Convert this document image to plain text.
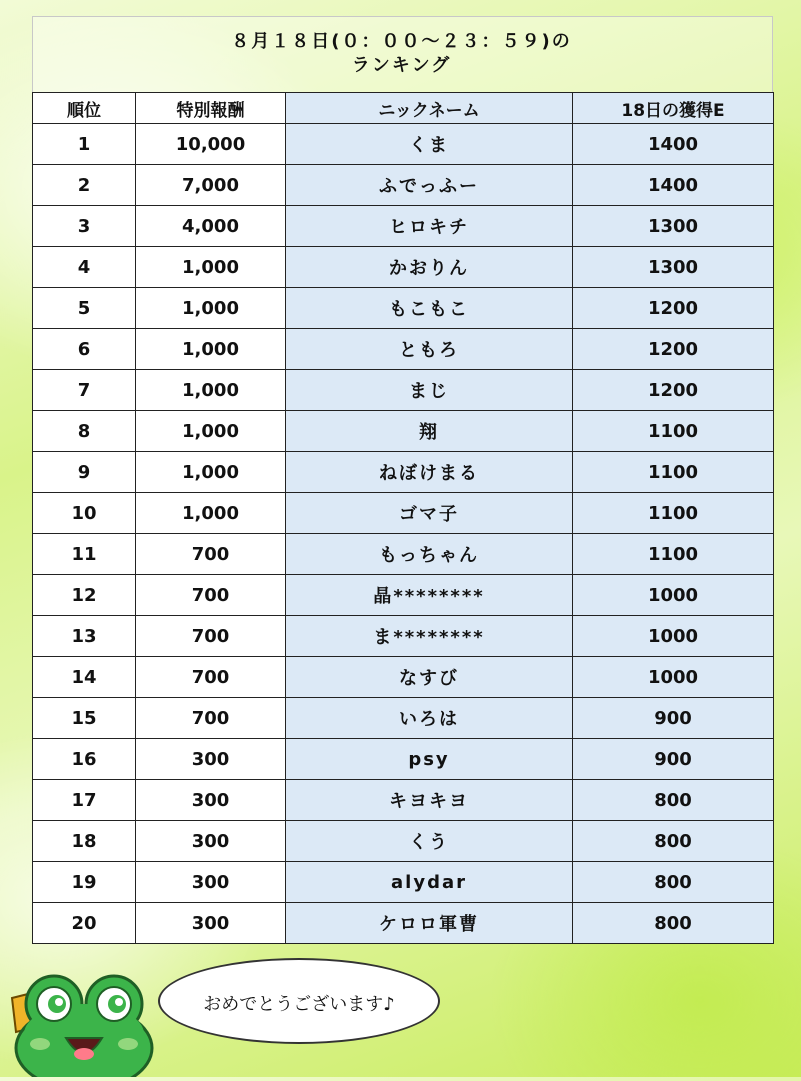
８月１８日(０：００～２３：５９)の
ランキング
順位	特別報酬	ニックネーム	18日の獲得E
1	10,000	くま	1400
2	7,000	ふでっふー	1400
3	4,000	ヒロキチ	1300
4	1,000	かおりん	1300
5	1,000	もこもこ	1200
6	1,000	ともろ	1200
7	1,000	まじ	1200
8	1,000	翔	1100
9	1,000	ねぼけまる	1100
10	1,000	ゴマ子	1100
11	700	もっちゃん	1100
12	700	晶********	1000
13	700	ま********	1000
14	700	なすび	1000
15	700	いろは	900
16	300	psy	900
17	300	キヨキヨ	800
18	300	くう	800
19	300	alydar	800
20	300	ケロロ軍曹	800
おめでとうございます♪
